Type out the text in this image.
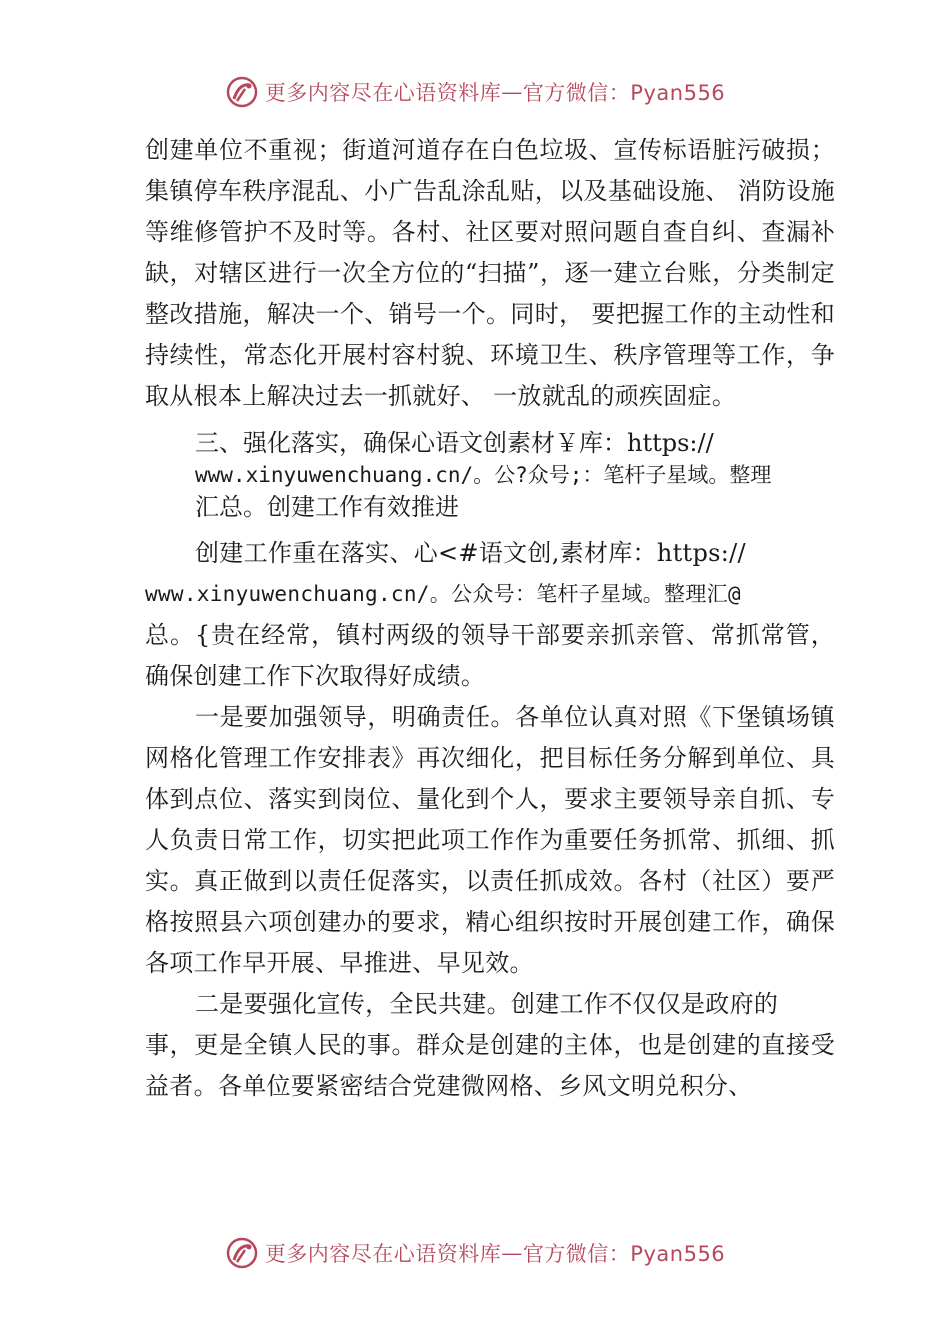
更多内容尽在心语资料库 — 官方微信：Pyan556

创建单位不重视；街道河道存在白色垃圾、宣传标语脏污破损；集镇停车秩序混乱、小广告乱涂乱贴，以及基础设施、 消防设施等维修管护不及时等。各村、社区要对照问题自查自纠、查漏补缺，对辖区进行一次全方位的“扫描”，逐一建立台账，分类制定整改措施，解决一个、销号一个。同时， 要把握工作的主动性和持续性，常态化开展村容村貌、环境卫生、秩序管理等工作，争取从根本上解决过去一抓就好、 一放就乱的顽疾固症。

三、强化落实，确保心语文创素材￥库：https://
www.xinyuwenchuang.cn/。公?众号;：笔杆子星域。整理
汇总。创建工作有效推进

创建工作重在落实、心<#语文创,素材库：https://

www.xinyuwenchuang.cn/。公众号：笔杆子星域。整理汇@

总。{贵在经常，镇村两级的领导干部要亲抓亲管、常抓常管，确保创建工作下次取得好成绩。

一是要加强领导，明确责任。各单位认真对照《下堡镇场镇网格化管理工作安排表》再次细化，把目标任务分解到单位、具体到点位、落实到岗位、量化到个人，要求主要领导亲自抓、专人负责日常工作，切实把此项工作作为重要任务抓常、抓细、抓实。真正做到以责任促落实，以责任抓成效。各村（社区）要严格按照县六项创建办的要求，精心组织按时开展创建工作，确保各项工作早开展、早推进、早见效。

二是要强化宣传，全民共建。创建工作不仅仅是政府的

事，更是全镇人民的事。群众是创建的主体，也是创建的直接受益者。各单位要紧密结合党建微网格、乡风文明兑积分、

更多内容尽在心语资料库 — 官方微信：Pyan556
